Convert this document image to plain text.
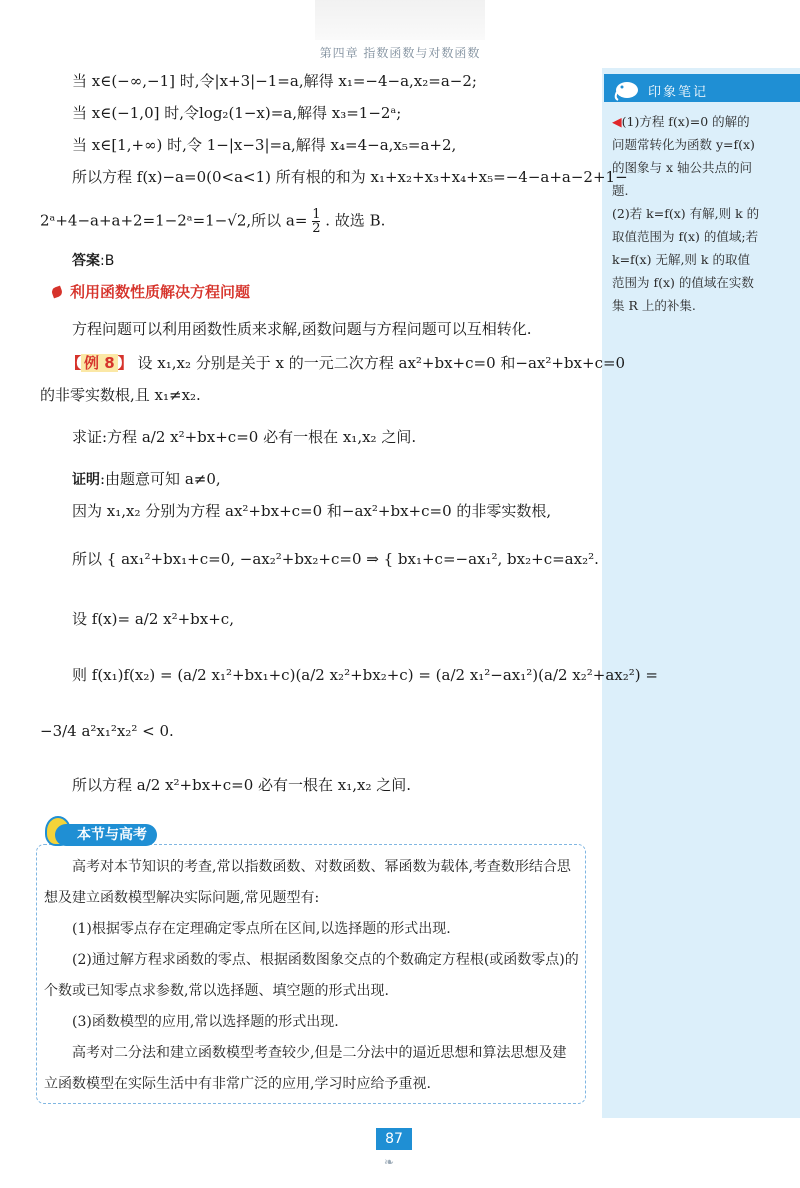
第四章 指数函数与对数函数
印象笔记

◀(1)方程 f(x)=0 的解的问题常转化为函数 y=f(x) 的图象与 x 轴公共点的问题.

(2)若 k=f(x) 有解,则 k 的取值范围为 f(x) 的值域;若 k=f(x) 无解,则 k 的取值范围为 f(x) 的值域在实数集 R 上的补集.

当 x∈(−∞,−1] 时,令|x+3|−1=a,解得 x₁=−4−a,x₂=a−2;
当 x∈(−1,0] 时,令log₂(1−x)=a,解得 x₃=1−2ᵃ;
当 x∈[1,+∞) 时,令 1−|x−3|=a,解得 x₄=4−a,x₅=a+2,
所以方程 f(x)−a=0(0<a<1) 所有根的和为 x₁+x₂+x₃+x₄+x₅=−4−a+a−2+1−
2ᵃ+4−a+a+2=1−2ᵃ=1−√2,所以 $a= \frac{1}{2}$ . 故选 B.
答案:B
利用函数性质解决方程问题
方程问题可以利用函数性质来求解,函数问题与方程问题可以互相转化.
【 例 8 】 设 x₁,x₂ 分别是关于 x 的一元二次方程 ax²+bx+c=0 和−ax²+bx+c=0
的非零实数根,且 x₁≠x₂.
求证:方程 a/2 x²+bx+c=0 必有一根在 x₁,x₂ 之间.
证明:由题意可知 a≠0,
因为 x₁,x₂ 分别为方程 ax²+bx+c=0 和−ax²+bx+c=0 的非零实数根,
所以 { ax₁²+bx₁+c=0, −ax₂²+bx₂+c=0 ⇒ { bx₁+c=−ax₁², bx₂+c=ax₂².
设 f(x)= a/2 x²+bx+c,
则 f(x₁)f(x₂) = (a/2 x₁²+bx₁+c)(a/2 x₂²+bx₂+c) = (a/2 x₁²−ax₁²)(a/2 x₂²+ax₂²) =
−3/4 a²x₁²x₂² < 0.
所以方程 a/2 x²+bx+c=0 必有一根在 x₁,x₂ 之间.
本节与高考

高考对本节知识的考查,常以指数函数、对数函数、幂函数为载体,考查数形结合思想及建立函数模型解决实际问题,常见题型有:

(1)根据零点存在定理确定零点所在区间,以选择题的形式出现.

(2)通过解方程求函数的零点、根据函数图象交点的个数确定方程根(或函数零点)的个数或已知零点求参数,常以选择题、填空题的形式出现.

(3)函数模型的应用,常以选择题的形式出现.

高考对二分法和建立函数模型考查较少,但是二分法中的逼近思想和算法思想及建立函数模型在实际生活中有非常广泛的应用,学习时应给予重视.

87
❧
